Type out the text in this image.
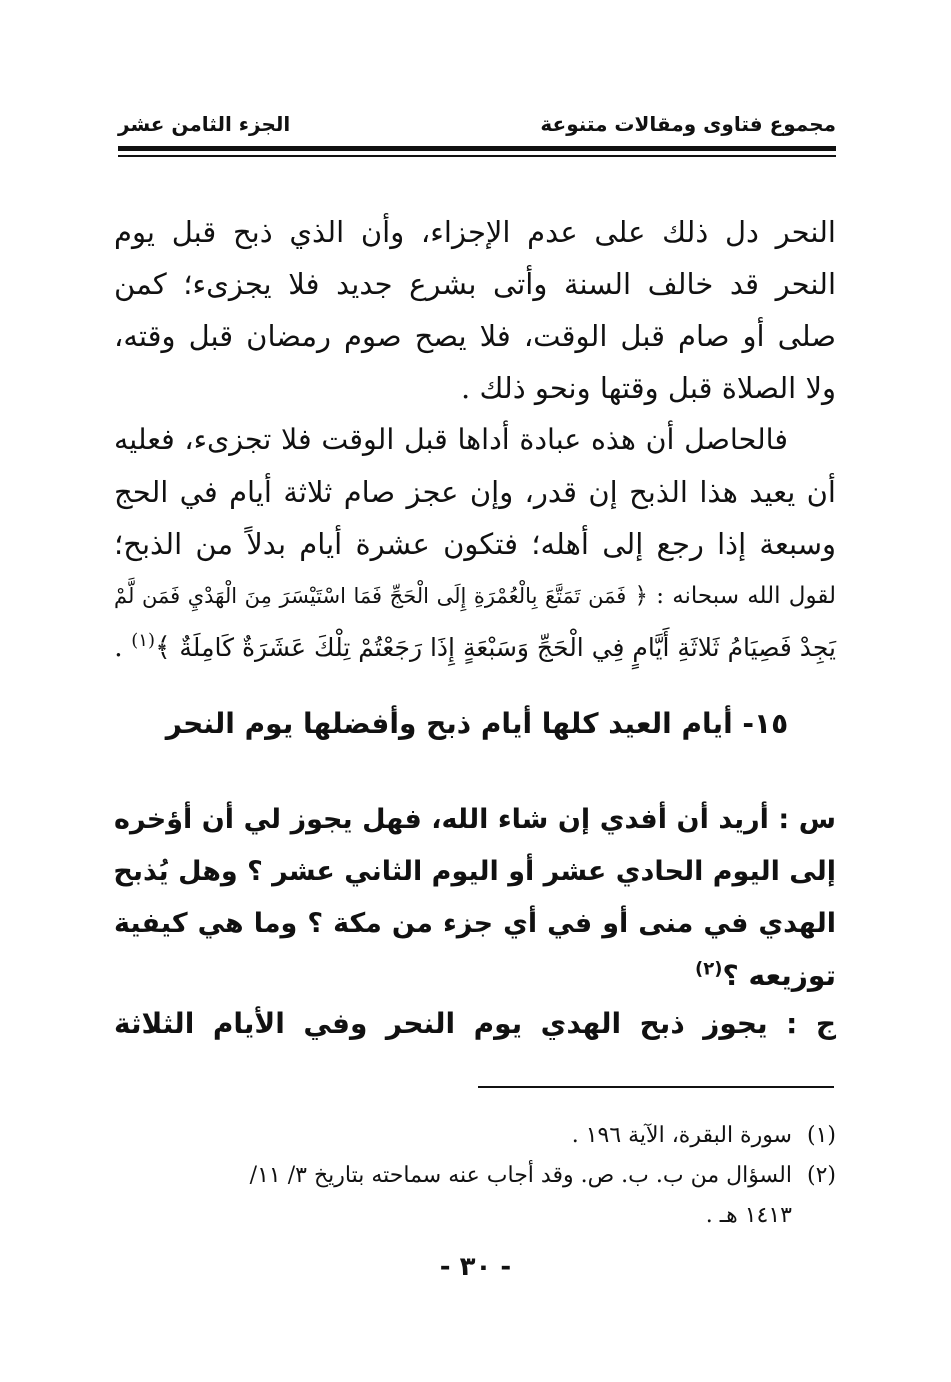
مجموع فتاوى ومقالات متنوعة
الجزء الثامن عشر
النحر دل ذلك على عدم الإجزاء، وأن الذي ذبح قبل يوم
النحر قد خالف السنة وأتى بشرع جديد فلا يجزىء؛ كمن
صلى أو صام قبل الوقت، فلا يصح صوم رمضان قبل وقته،
ولا الصلاة قبل وقتها ونحو ذلك .
فالحاصل أن هذه عبادة أداها قبل الوقت فلا تجزىء، فعليه
أن يعيد هذا الذبح إن قدر، وإن عجز صام ثلاثة أيام في الحج
وسبعة إذا رجع إلى أهله؛ فتكون عشرة أيام بدلاً من الذبح؛
لقول الله سبحانه : ﴿ فَمَن تَمَتَّعَ بِالْعُمْرَةِ إِلَى الْحَجِّ فَمَا اسْتَيْسَرَ مِنَ الْهَدْيِ فَمَن لَّمْ
يَجِدْ فَصِيَامُ ثَلاثَةِ أَيَّامٍ فِي الْحَجِّ وَسَبْعَةٍ إِذَا رَجَعْتُمْ تِلْكَ عَشَرَةٌ كَامِلَةٌ ﴾$^{(١)}$ .
١٥- أيام العيد كلها أيام ذبح وأفضلها يوم النحر
س : أريد أن أفدي إن شاء الله، فهل يجوز لي أن أؤخره
إلى اليوم الحادي عشر أو اليوم الثاني عشر ؟ وهل يُذبح
الهدي في منى أو في أي جزء من مكة ؟ وما هي كيفية
توزيعه ؟$^{(٢)}$
ج : يجوز ذبح الهدي يوم النحر وفي الأيام الثلاثة
(١)سورة البقرة، الآية ١٩٦ .
(٢)السؤال من ب. ب. ص. وقد أجاب عنه سماحته بتاريخ ٣/ ١١/
١٤١٣ هـ .
- ٣٠ -
